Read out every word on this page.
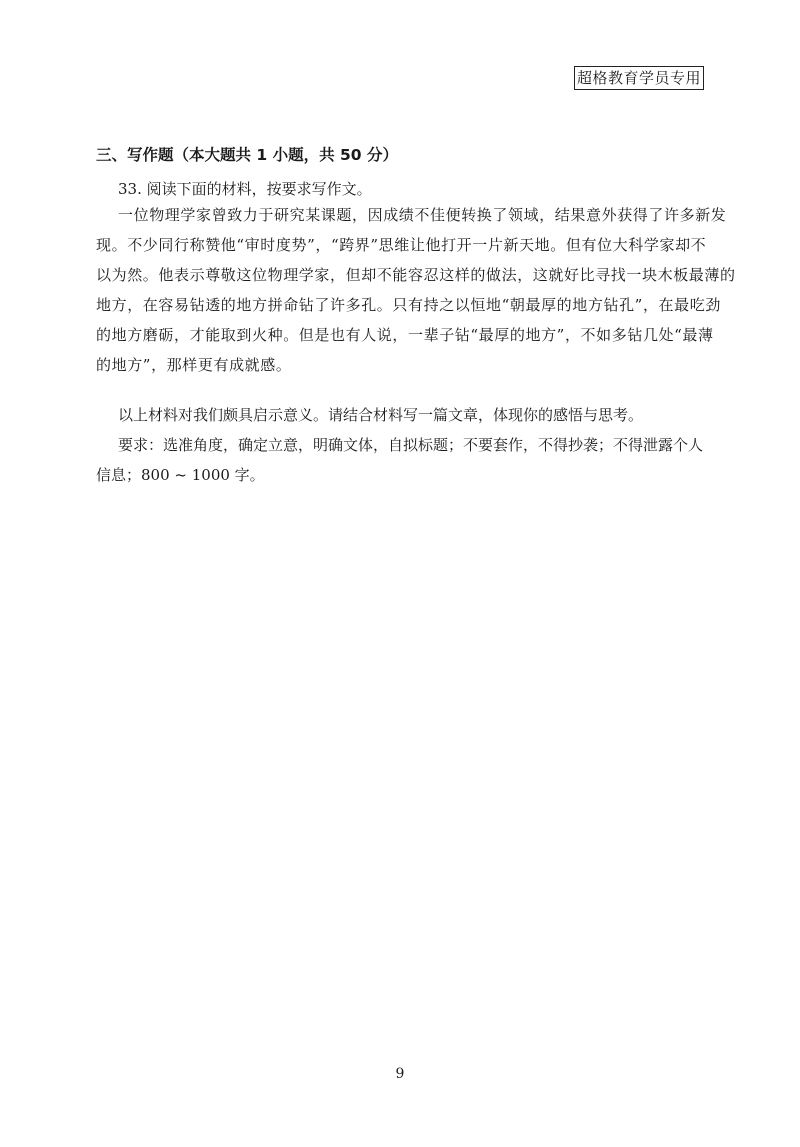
超格教育学员专用
三、写作题（本大题共 1 小题，共 50 分）
33. 阅读下面的材料，按要求写作文。
一位物理学家曾致力于研究某课题，因成绩不佳便转换了领域，结果意外获得了许多新发
现。不少同行称赞他“审时度势”，“跨界”思维让他打开一片新天地。但有位大科学家却不
以为然。他表示尊敬这位物理学家，但却不能容忍这样的做法，这就好比寻找一块木板最薄的
地方，在容易钻透的地方拼命钻了许多孔。只有持之以恒地“朝最厚的地方钻孔”，在最吃劲
的地方磨砺，才能取到火种。但是也有人说，一辈子钻“最厚的地方”，不如多钻几处“最薄
的地方”，那样更有成就感。
以上材料对我们颇具启示意义。请结合材料写一篇文章，体现你的感悟与思考。
要求：选准角度，确定立意，明确文体，自拟标题；不要套作，不得抄袭；不得泄露个人
信息；800 ~ 1000 字。
9
